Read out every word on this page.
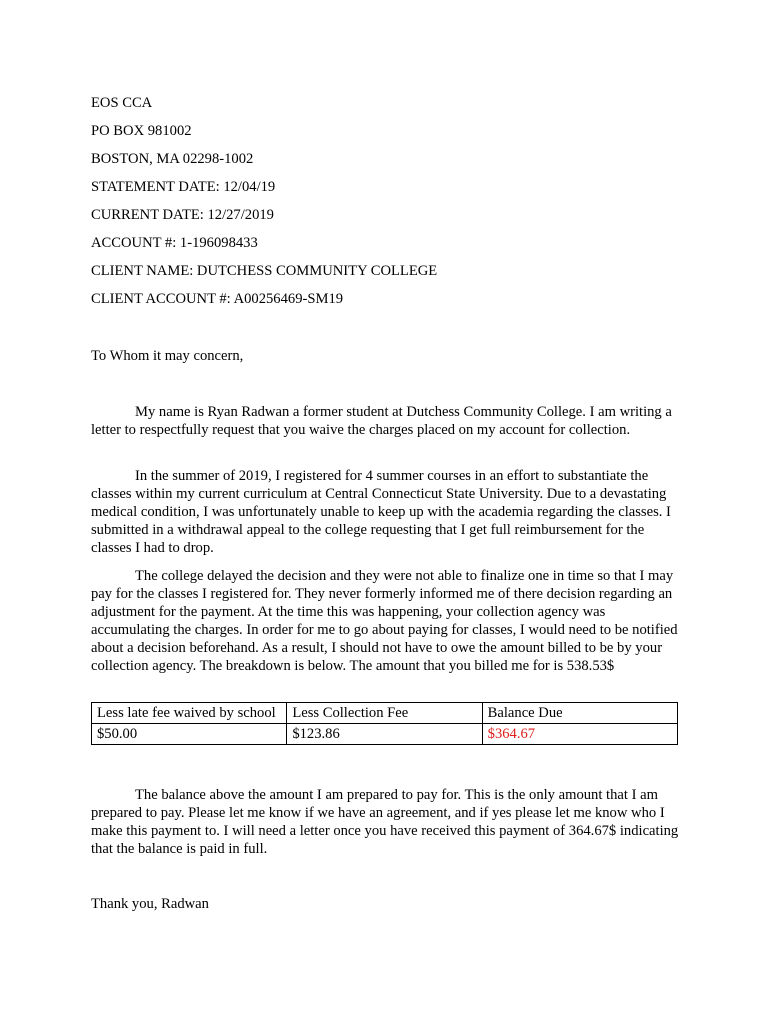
EOS CCA
PO BOX 981002
BOSTON, MA 02298-1002
STATEMENT DATE: 12/04/19
CURRENT DATE: 12/27/2019
ACCOUNT #: 1-196098433
CLIENT NAME: DUTCHESS COMMUNITY COLLEGE
CLIENT ACCOUNT #: A00256469-SM19
To Whom it may concern,

My name is Ryan Radwan a former student at Dutchess Community College. I am writing a letter to respectfully request that you waive the charges placed on my account for collection.

In the summer of 2019, I registered for 4 summer courses in an effort to substantiate the classes within my current curriculum at Central Connecticut State University. Due to a devastating medical condition, I was unfortunately unable to keep up with the academia regarding the classes. I submitted in a withdrawal appeal to the college requesting that I get full reimbursement for the classes I had to drop.

The college delayed the decision and they were not able to finalize one in time so that I may pay for the classes I registered for. They never formerly informed me of there decision regarding an adjustment for the payment. At the time this was happening, your collection agency was accumulating the charges. In order for me to go about paying for classes, I would need to be notified about a decision beforehand. As a result, I should not have to owe the amount billed to be by your collection agency. The breakdown is below. The amount that you billed me for is 538.53$

Less late fee waived by school	Less Collection Fee	Balance Due
$50.00	$123.86	$364.67

The balance above the amount I am prepared to pay for. This is the only amount that I am prepared to pay. Please let me know if we have an agreement, and if yes please let me know who I make this payment to. I will need a letter once you have received this payment of 364.67$ indicating that the balance is paid in full.

Thank you, Radwan
